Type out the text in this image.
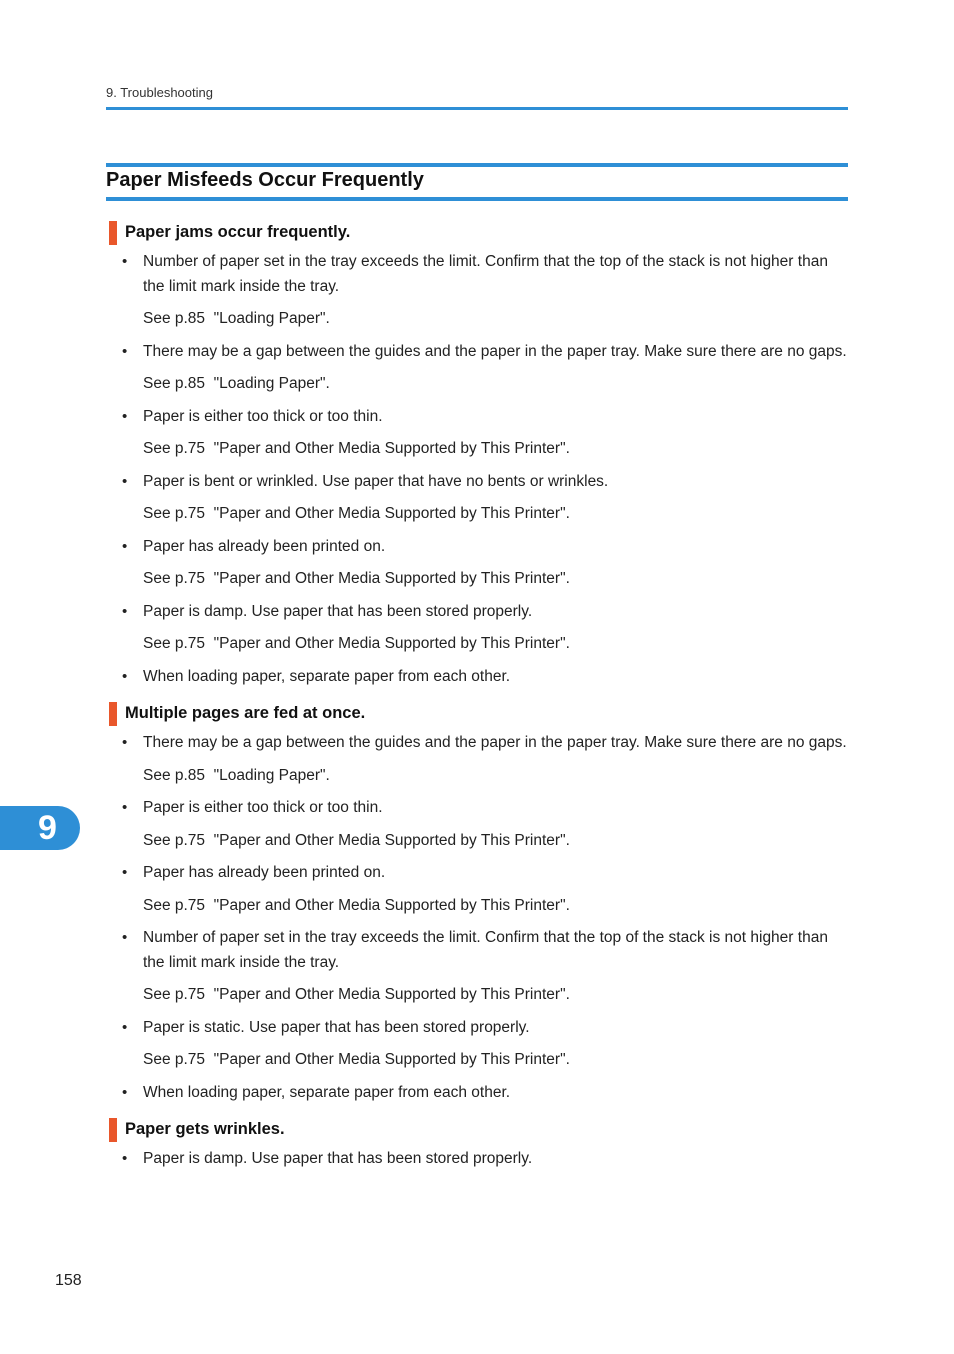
9. Troubleshooting
Paper Misfeeds Occur Frequently
Paper jams occur frequently.
• Number of paper set in the tray exceeds the limit. Confirm that the top of the stack is not higher than the limit mark inside the tray.
See p.85  "Loading Paper".
• There may be a gap between the guides and the paper in the paper tray. Make sure there are no gaps.
See p.85  "Loading Paper".
• Paper is either too thick or too thin.
See p.75  "Paper and Other Media Supported by This Printer".
• Paper is bent or wrinkled. Use paper that have no bents or wrinkles.
See p.75  "Paper and Other Media Supported by This Printer".
• Paper has already been printed on.
See p.75  "Paper and Other Media Supported by This Printer".
• Paper is damp. Use paper that has been stored properly.
See p.75  "Paper and Other Media Supported by This Printer".
• When loading paper, separate paper from each other.
Multiple pages are fed at once.
• There may be a gap between the guides and the paper in the paper tray. Make sure there are no gaps.
See p.85  "Loading Paper".
• Paper is either too thick or too thin.
See p.75  "Paper and Other Media Supported by This Printer".
• Paper has already been printed on.
See p.75  "Paper and Other Media Supported by This Printer".
• Number of paper set in the tray exceeds the limit. Confirm that the top of the stack is not higher than the limit mark inside the tray.
See p.75  "Paper and Other Media Supported by This Printer".
• Paper is static. Use paper that has been stored properly.
See p.75  "Paper and Other Media Supported by This Printer".
• When loading paper, separate paper from each other.
Paper gets wrinkles.
• Paper is damp. Use paper that has been stored properly.
9
158
